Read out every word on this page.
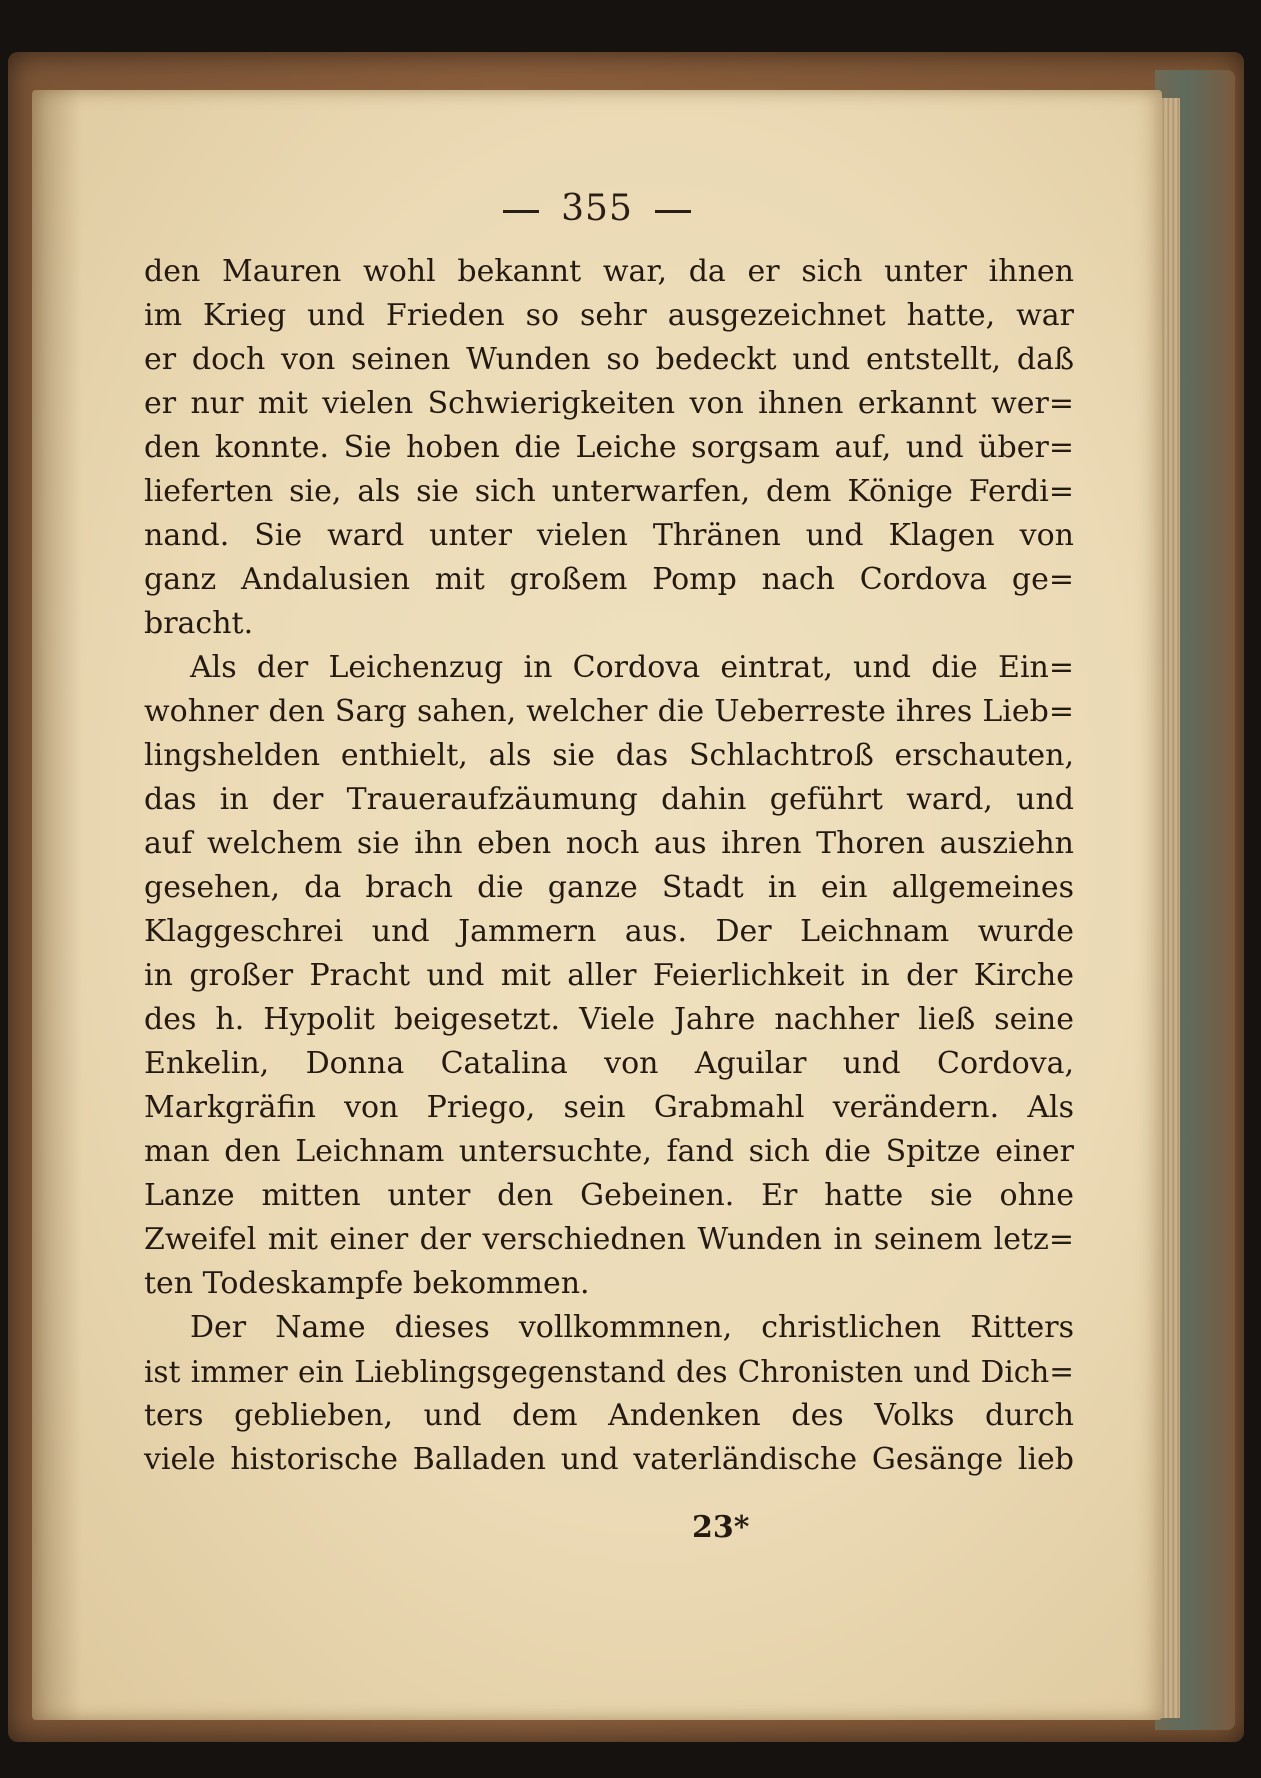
355
den Mauren wohl bekannt war, da er sich unter ihnen
im Krieg und Frieden so sehr ausgezeichnet hatte, war
er doch von seinen Wunden so bedeckt und entstellt, daß
er nur mit vielen Schwierigkeiten von ihnen erkannt wer=
den konnte. Sie hoben die Leiche sorgsam auf, und über=
lieferten sie, als sie sich unterwarfen, dem Könige Ferdi=
nand. Sie ward unter vielen Thränen und Klagen von
ganz Andalusien mit großem Pomp nach Cordova ge=
bracht.
Als der Leichenzug in Cordova eintrat, und die Ein=
wohner den Sarg sahen, welcher die Ueberreste ihres Lieb=
lingshelden enthielt, als sie das Schlachtroß erschauten,
das in der Traueraufzäumung dahin geführt ward, und
auf welchem sie ihn eben noch aus ihren Thoren ausziehn
gesehen, da brach die ganze Stadt in ein allgemeines
Klaggeschrei und Jammern aus. Der Leichnam wurde
in großer Pracht und mit aller Feierlichkeit in der Kirche
des h. Hypolit beigesetzt. Viele Jahre nachher ließ seine
Enkelin, Donna Catalina von Aguilar und Cordova,
Markgräfin von Priego, sein Grabmahl verändern. Als
man den Leichnam untersuchte, fand sich die Spitze einer
Lanze mitten unter den Gebeinen. Er hatte sie ohne
Zweifel mit einer der verschiednen Wunden in seinem letz=
ten Todeskampfe bekommen.
Der Name dieses vollkommnen, christlichen Ritters
ist immer ein Lieblingsgegenstand des Chronisten und Dich=
ters geblieben, und dem Andenken des Volks durch
viele historische Balladen und vaterländische Gesänge lieb
23*
